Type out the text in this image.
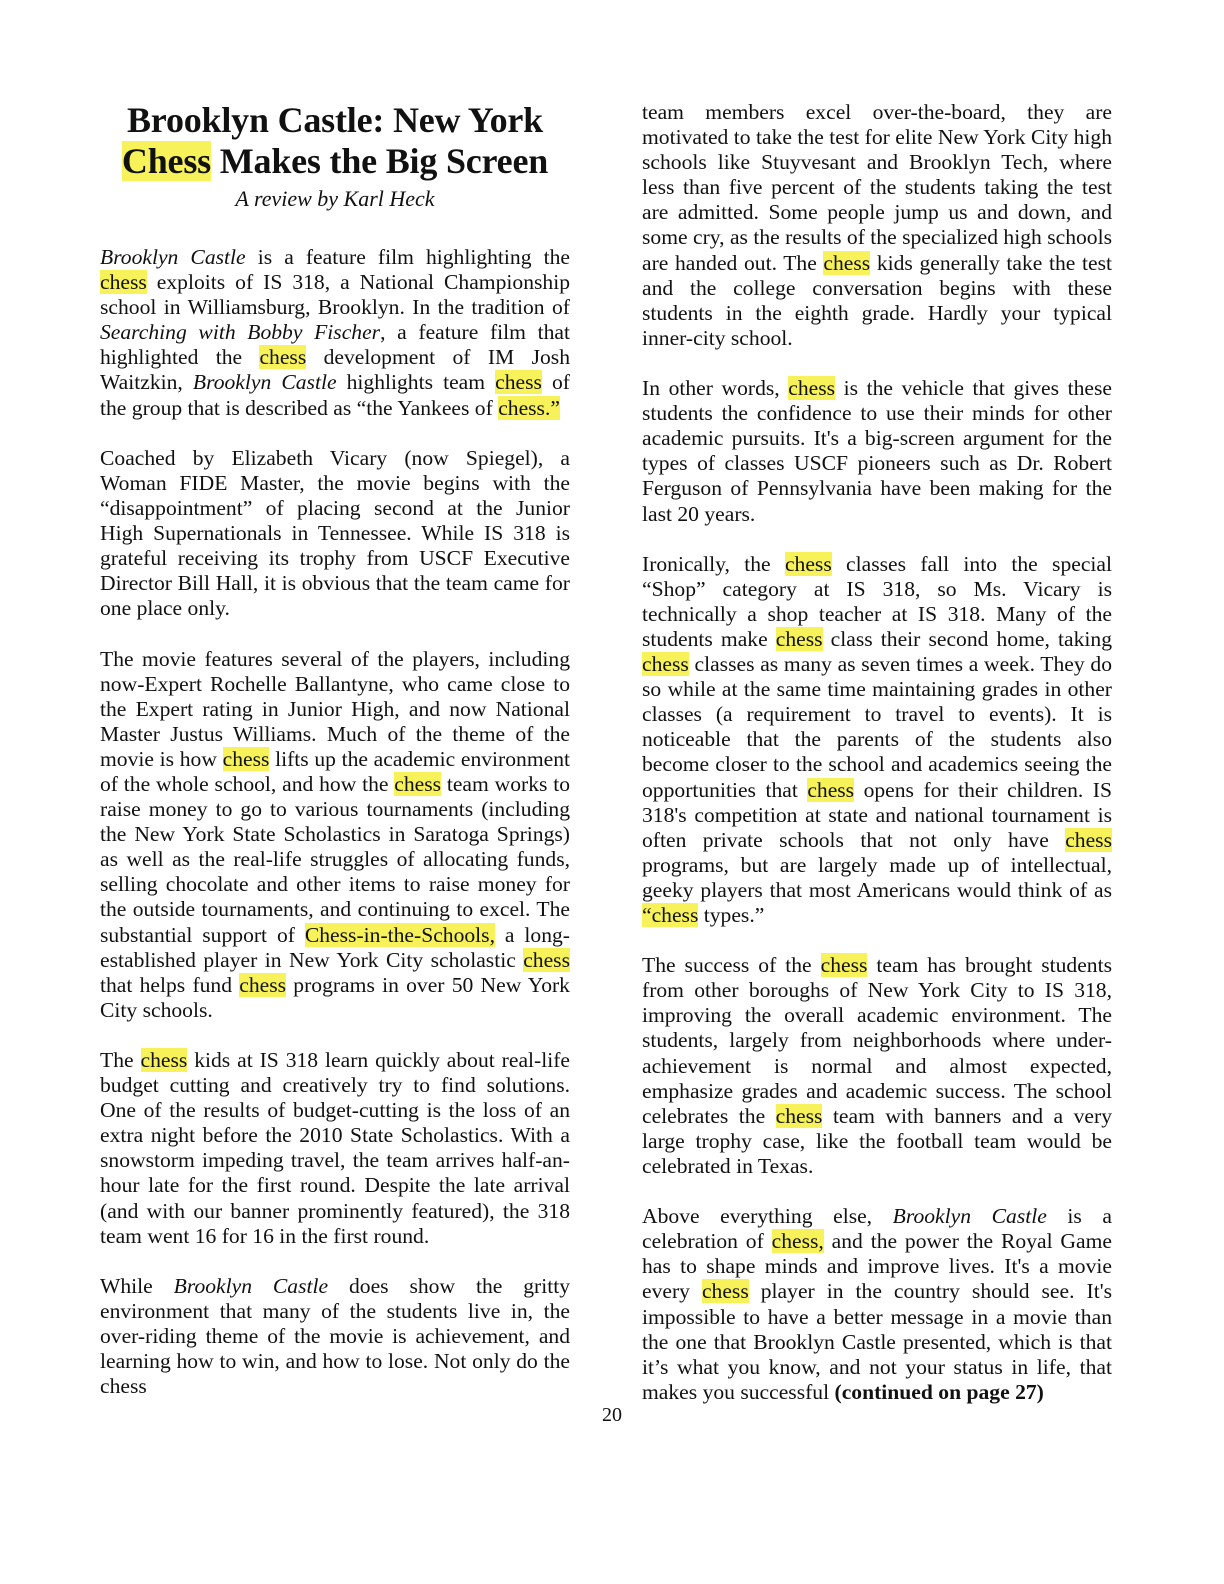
Brooklyn Castle: New York
Chess Makes the Big Screen
A review by Karl Heck

Brooklyn Castle is a feature film highlighting the chess exploits of IS 318, a National Championship school in Williamsburg, Brooklyn. In the tradition of Searching with Bobby Fischer, a feature film that highlighted the chess development of IM Josh Waitzkin, Brooklyn Castle highlights team chess of the group that is described as “the Yankees of chess.”

Coached by Elizabeth Vicary (now Spiegel), a Woman FIDE Master, the movie begins with the “disappointment” of placing second at the Junior High Supernationals in Tennessee. While IS 318 is grateful receiving its trophy from USCF Executive Director Bill Hall, it is obvious that the team came for one place only.

The movie features several of the players, including now-Expert Rochelle Ballantyne, who came close to the Expert rating in Junior High, and now National Master Justus Williams. Much of the theme of the movie is how chess lifts up the academic environment of the whole school, and how the chess team works to raise money to go to various tournaments (including the New York State Scholastics in Saratoga Springs) as well as the real-life struggles of allocating funds, selling chocolate and other items to raise money for the outside tournaments, and continuing to excel. The substantial support of Chess-in-the-Schools, a long-established player in New York City scholastic chess that helps fund chess programs in over 50 New York City schools.

The chess kids at IS 318 learn quickly about real-life budget cutting and creatively try to find solutions. One of the results of budget-cutting is the loss of an extra night before the 2010 State Scholastics. With a snowstorm impeding travel, the team arrives half-an-hour late for the first round. Despite the late arrival (and with our banner prominently featured), the 318 team went 16 for 16 in the first round.

While Brooklyn Castle does show the gritty environment that many of the students live in, the over-riding theme of the movie is achievement, and learning how to win, and how to lose. Not only do the chess

team members excel over-the-board, they are motivated to take the test for elite New York City high schools like Stuyvesant and Brooklyn Tech, where less than five percent of the students taking the test are admitted. Some people jump us and down, and some cry, as the results of the specialized high schools are handed out. The chess kids generally take the test and the college conversation begins with these students in the eighth grade. Hardly your typical inner-city school.

In other words, chess is the vehicle that gives these students the confidence to use their minds for other academic pursuits. It's a big-screen argument for the types of classes USCF pioneers such as Dr. Robert Ferguson of Pennsylvania have been making for the last 20 years.

Ironically, the chess classes fall into the special “Shop” category at IS 318, so Ms. Vicary is technically a shop teacher at IS 318. Many of the students make chess class their second home, taking chess classes as many as seven times a week. They do so while at the same time maintaining grades in other classes (a requirement to travel to events). It is noticeable that the parents of the students also become closer to the school and academics seeing the opportunities that chess opens for their children. IS 318's competition at state and national tournament is often private schools that not only have chess programs, but are largely made up of intellectual, geeky players that most Americans would think of as “chess types.”

The success of the chess team has brought students from other boroughs of New York City to IS 318, improving the overall academic environment. The students, largely from neighborhoods where under-achievement is normal and almost expected, emphasize grades and academic success. The school celebrates the chess team with banners and a very large trophy case, like the football team would be celebrated in Texas.

Above everything else, Brooklyn Castle is a celebration of chess, and the power the Royal Game has to shape minds and improve lives. It's a movie every chess player in the country should see. It's impossible to have a better message in a movie than the one that Brooklyn Castle presented, which is that it’s what you know, and not your status in life, that makes you successful (continued on page 27)

20
